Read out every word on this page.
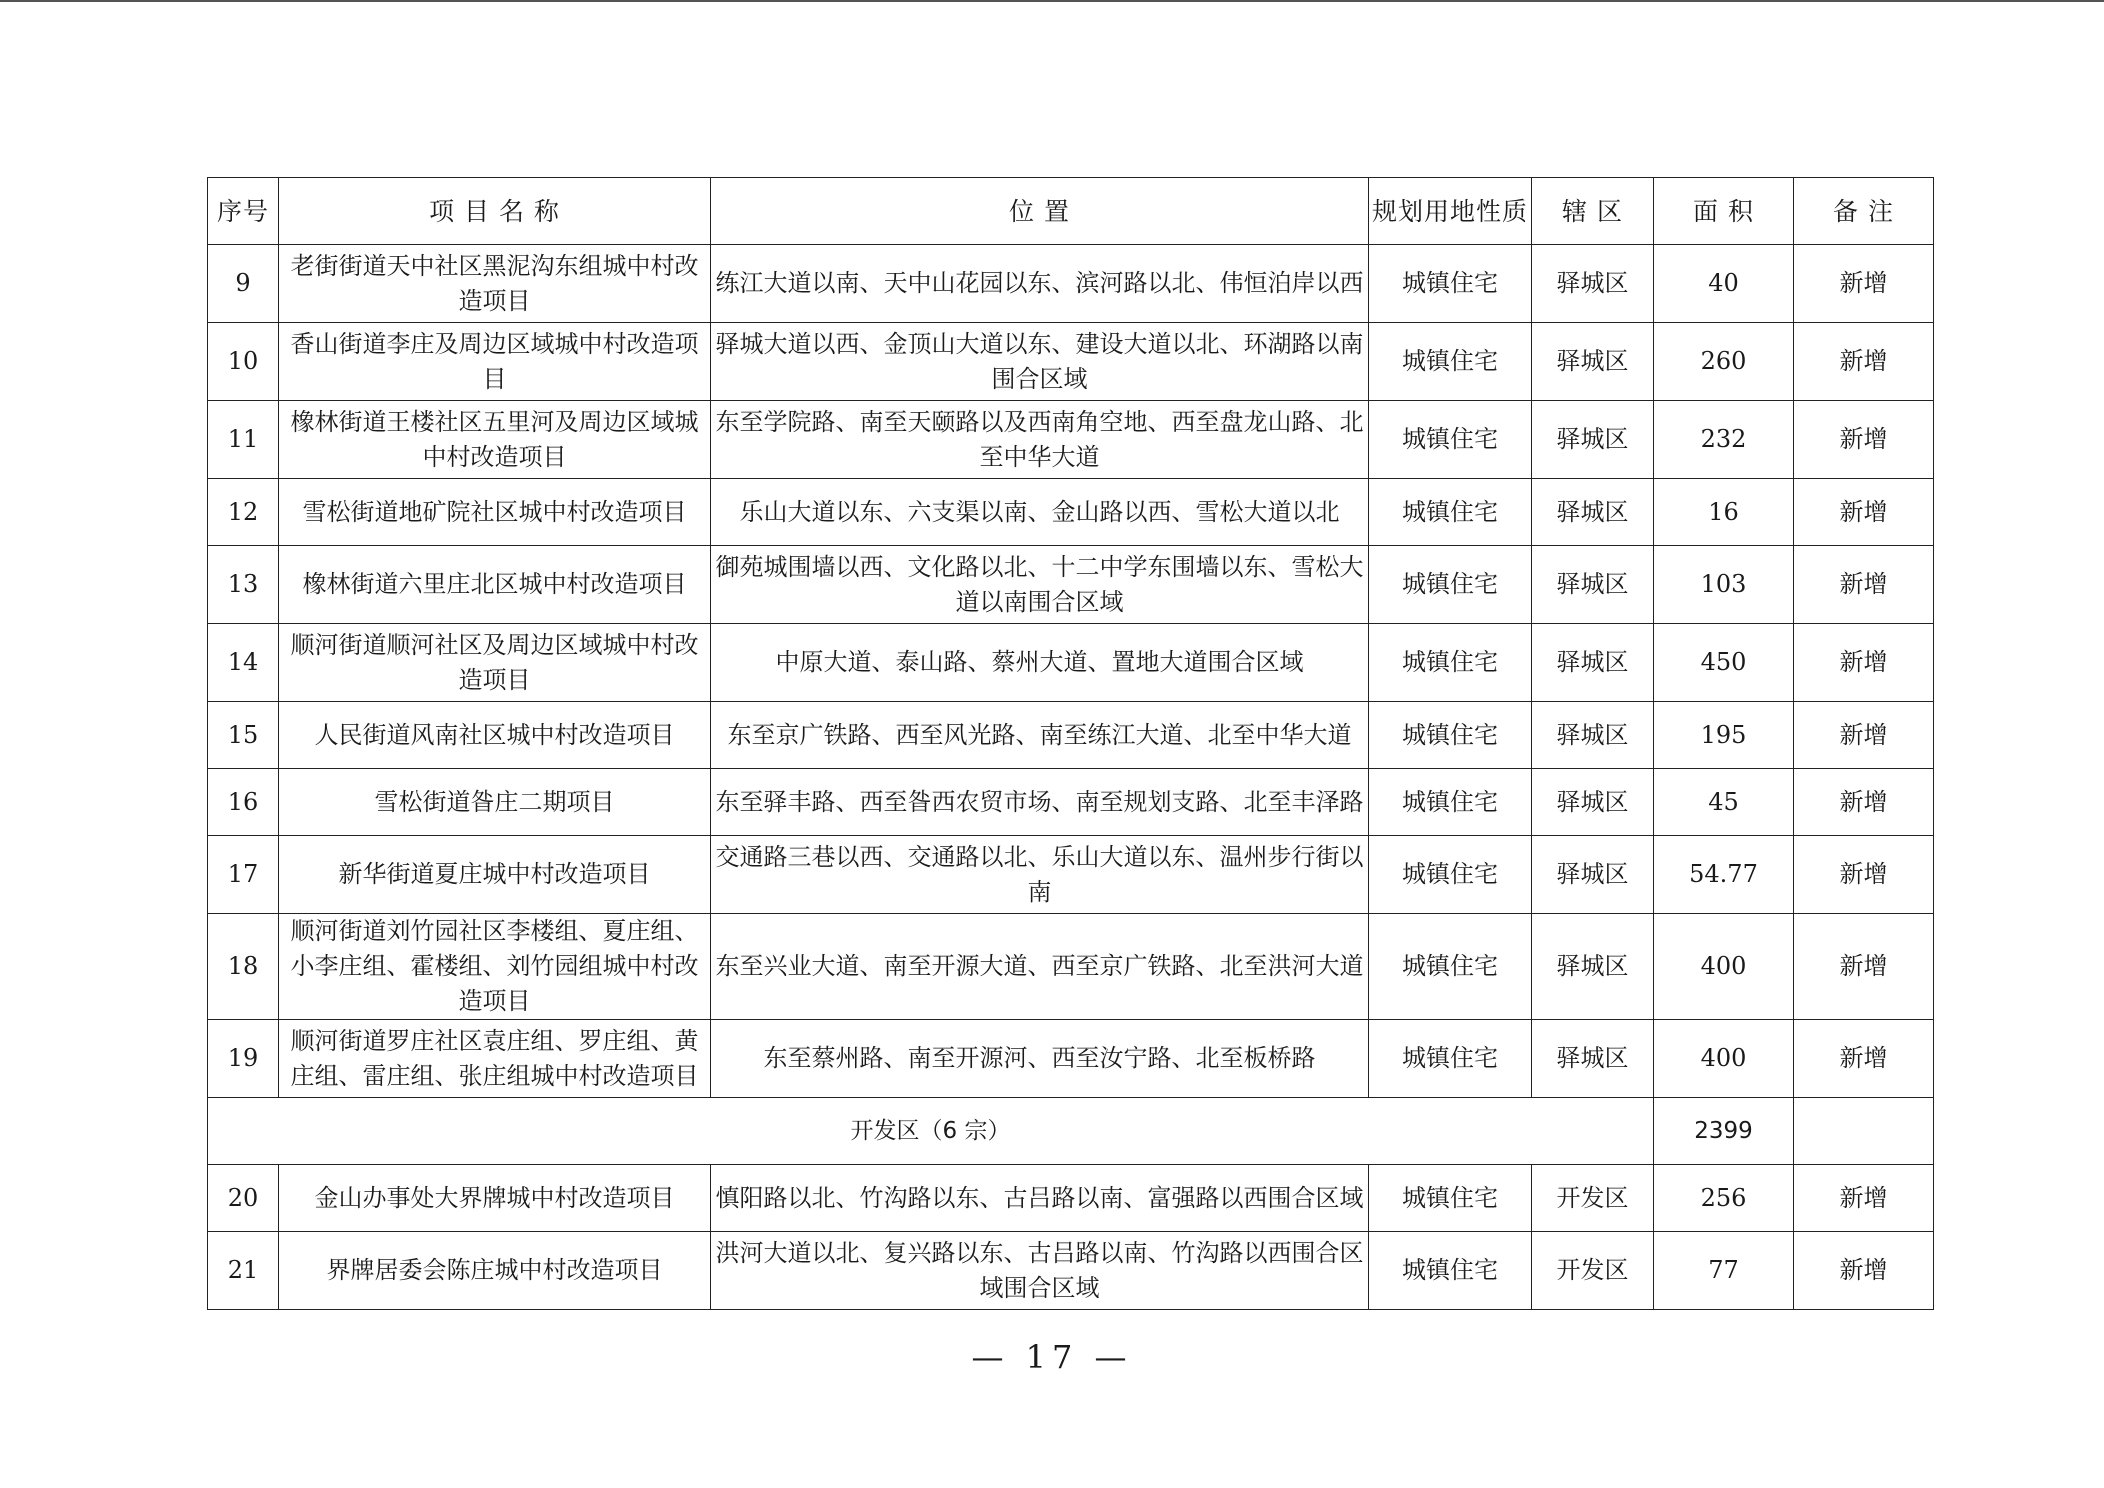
序号	项 目 名 称	位 置	规划用地性质	辖 区	面 积	备 注
9	老街街道天中社区黑泥沟东组城中村改造项目	练江大道以南、天中山花园以东、滨河路以北、伟恒泊岸以西	城镇住宅	驿城区	40	新增
10	香山街道李庄及周边区域城中村改造项目	驿城大道以西、金顶山大道以东、建设大道以北、环湖路以南围合区域	城镇住宅	驿城区	260	新增
11	橡林街道王楼社区五里河及周边区域城中村改造项目	东至学院路、南至天颐路以及西南角空地、西至盘龙山路、北至中华大道	城镇住宅	驿城区	232	新增
12	雪松街道地矿院社区城中村改造项目	乐山大道以东、六支渠以南、金山路以西、雪松大道以北	城镇住宅	驿城区	16	新增
13	橡林街道六里庄北区城中村改造项目	御苑城围墙以西、文化路以北、十二中学东围墙以东、雪松大道以南围合区域	城镇住宅	驿城区	103	新增
14	顺河街道顺河社区及周边区域城中村改造项目	中原大道、泰山路、蔡州大道、置地大道围合区域	城镇住宅	驿城区	450	新增
15	人民街道风南社区城中村改造项目	东至京广铁路、西至风光路、南至练江大道、北至中华大道	城镇住宅	驿城区	195	新增
16	雪松街道昝庄二期项目	东至驿丰路、西至昝西农贸市场、南至规划支路、北至丰泽路	城镇住宅	驿城区	45	新增
17	新华街道夏庄城中村改造项目	交通路三巷以西、交通路以北、乐山大道以东、温州步行街以南	城镇住宅	驿城区	54.77	新增
18	顺河街道刘竹园社区李楼组、夏庄组、小李庄组、霍楼组、刘竹园组城中村改造项目	东至兴业大道、南至开源大道、西至京广铁路、北至洪河大道	城镇住宅	驿城区	400	新增
19	顺河街道罗庄社区袁庄组、罗庄组、黄庄组、雷庄组、张庄组城中村改造项目	东至蔡州路、南至开源河、西至汝宁路、北至板桥路	城镇住宅	驿城区	400	新增
开发区（6 宗）					2399	
20	金山办事处大界牌城中村改造项目	慎阳路以北、竹沟路以东、古吕路以南、富强路以西围合区域	城镇住宅	开发区	256	新增
21	界牌居委会陈庄城中村改造项目	洪河大道以北、复兴路以东、古吕路以南、竹沟路以西围合区域围合区域	城镇住宅	开发区	77	新增
— 17 —
